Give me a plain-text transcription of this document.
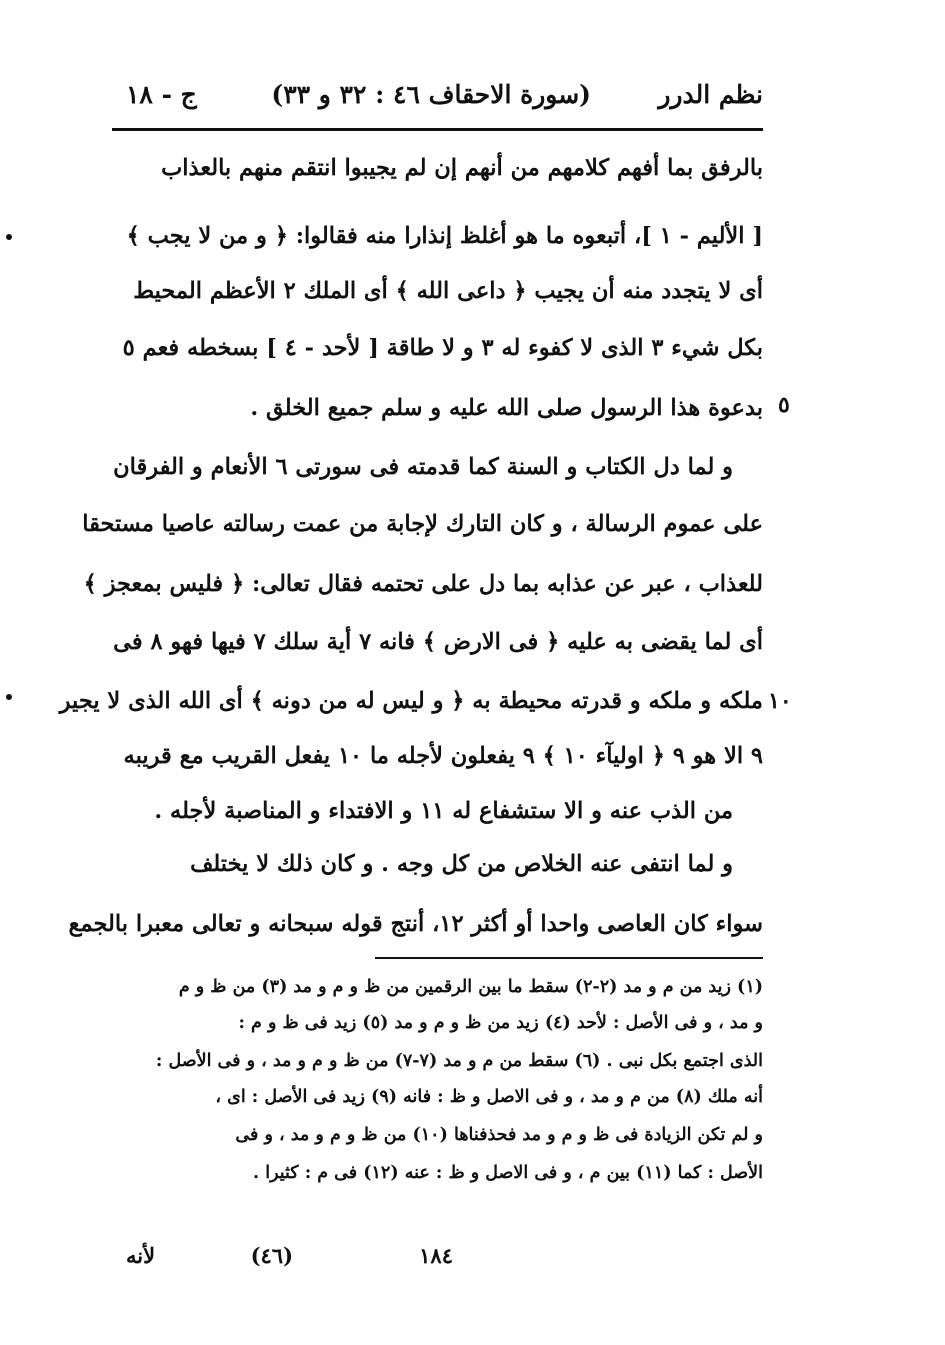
نظم الدرر
(سورة الاحقاف ٤٦ : ٣٢ و ٣٣)
ج - ١٨
بالرفق بما أفهم كلامهم من أنهم إن لم يجيبوا انتقم منهم بالعذاب
[ الأليم - ١ ]، أتبعوه ما هو أغلظ إنذارا منه فقالوا: ﴿ و من لا يجب ﴾
أى لا يتجدد منه أن يجيب ﴿ داعى الله ﴾ أى الملك ٢ الأعظم المحيط
بكل شيء ٣ الذى لا كفوء له ٣ و لا طاقة [ لأحد - ٤ ] بسخطه فعم ٥
بدعوة هذا الرسول صلى الله عليه و سلم جميع الخلق .
و لما دل الكتاب و السنة كما قدمته فى سورتى ٦ الأنعام و الفرقان
على عموم الرسالة ، و كان التارك لإجابة من عمت رسالته عاصيا مستحقا
للعذاب ، عبر عن عذابه بما دل على تحتمه فقال تعالى: ﴿ فليس بمعجز ﴾
أى لما يقضى به عليه ﴿ فى الارض ﴾ فانه ٧ أية سلك ٧ فيها فهو ٨ فى
ملكه و ملكه و قدرته محيطة به ﴿ و ليس له من دونه ﴾ أى الله الذى لا يجير
٩ الا هو ٩ ﴿ اوليآء ١٠ ﴾ ٩ يفعلون لأجله ما ١٠ يفعل القريب مع قريبه
من الذب عنه و الا ستشفاع له ١١ و الافتداء و المناصبة لأجله .
و لما انتفى عنه الخلاص من كل وجه . و كان ذلك لا يختلف
سواء كان العاصى واحدا أو أكثر ١٢، أنتج قوله سبحانه و تعالى معبرا بالجمع
٥
١٠
(١) زيد من م و مد (٢-٢) سقط ما بين الرقمين من ظ و م و مد (٣) من ظ و م
و مد ، و فى الأصل : لأحد (٤) زيد من ظ و م و مد (٥) زيد فى ظ و م :
الذى اجتمع بكل نبى . (٦) سقط من م و مد (٧-٧) من ظ و م و مد ، و فى الأصل :
أنه ملك (٨) من م و مد ، و فى الاصل و ظ : فانه (٩) زيد فى الأصل : اى ،
و لم تكن الزيادة فى ظ و م و مد فحذفناها (١٠) من ظ و م و مد ، و فى
الأصل : كما (١١) بين م ، و فى الاصل و ظ : عنه (١٢) فى م : كثيرا .
١٨٤
(٤٦)
لأنه
